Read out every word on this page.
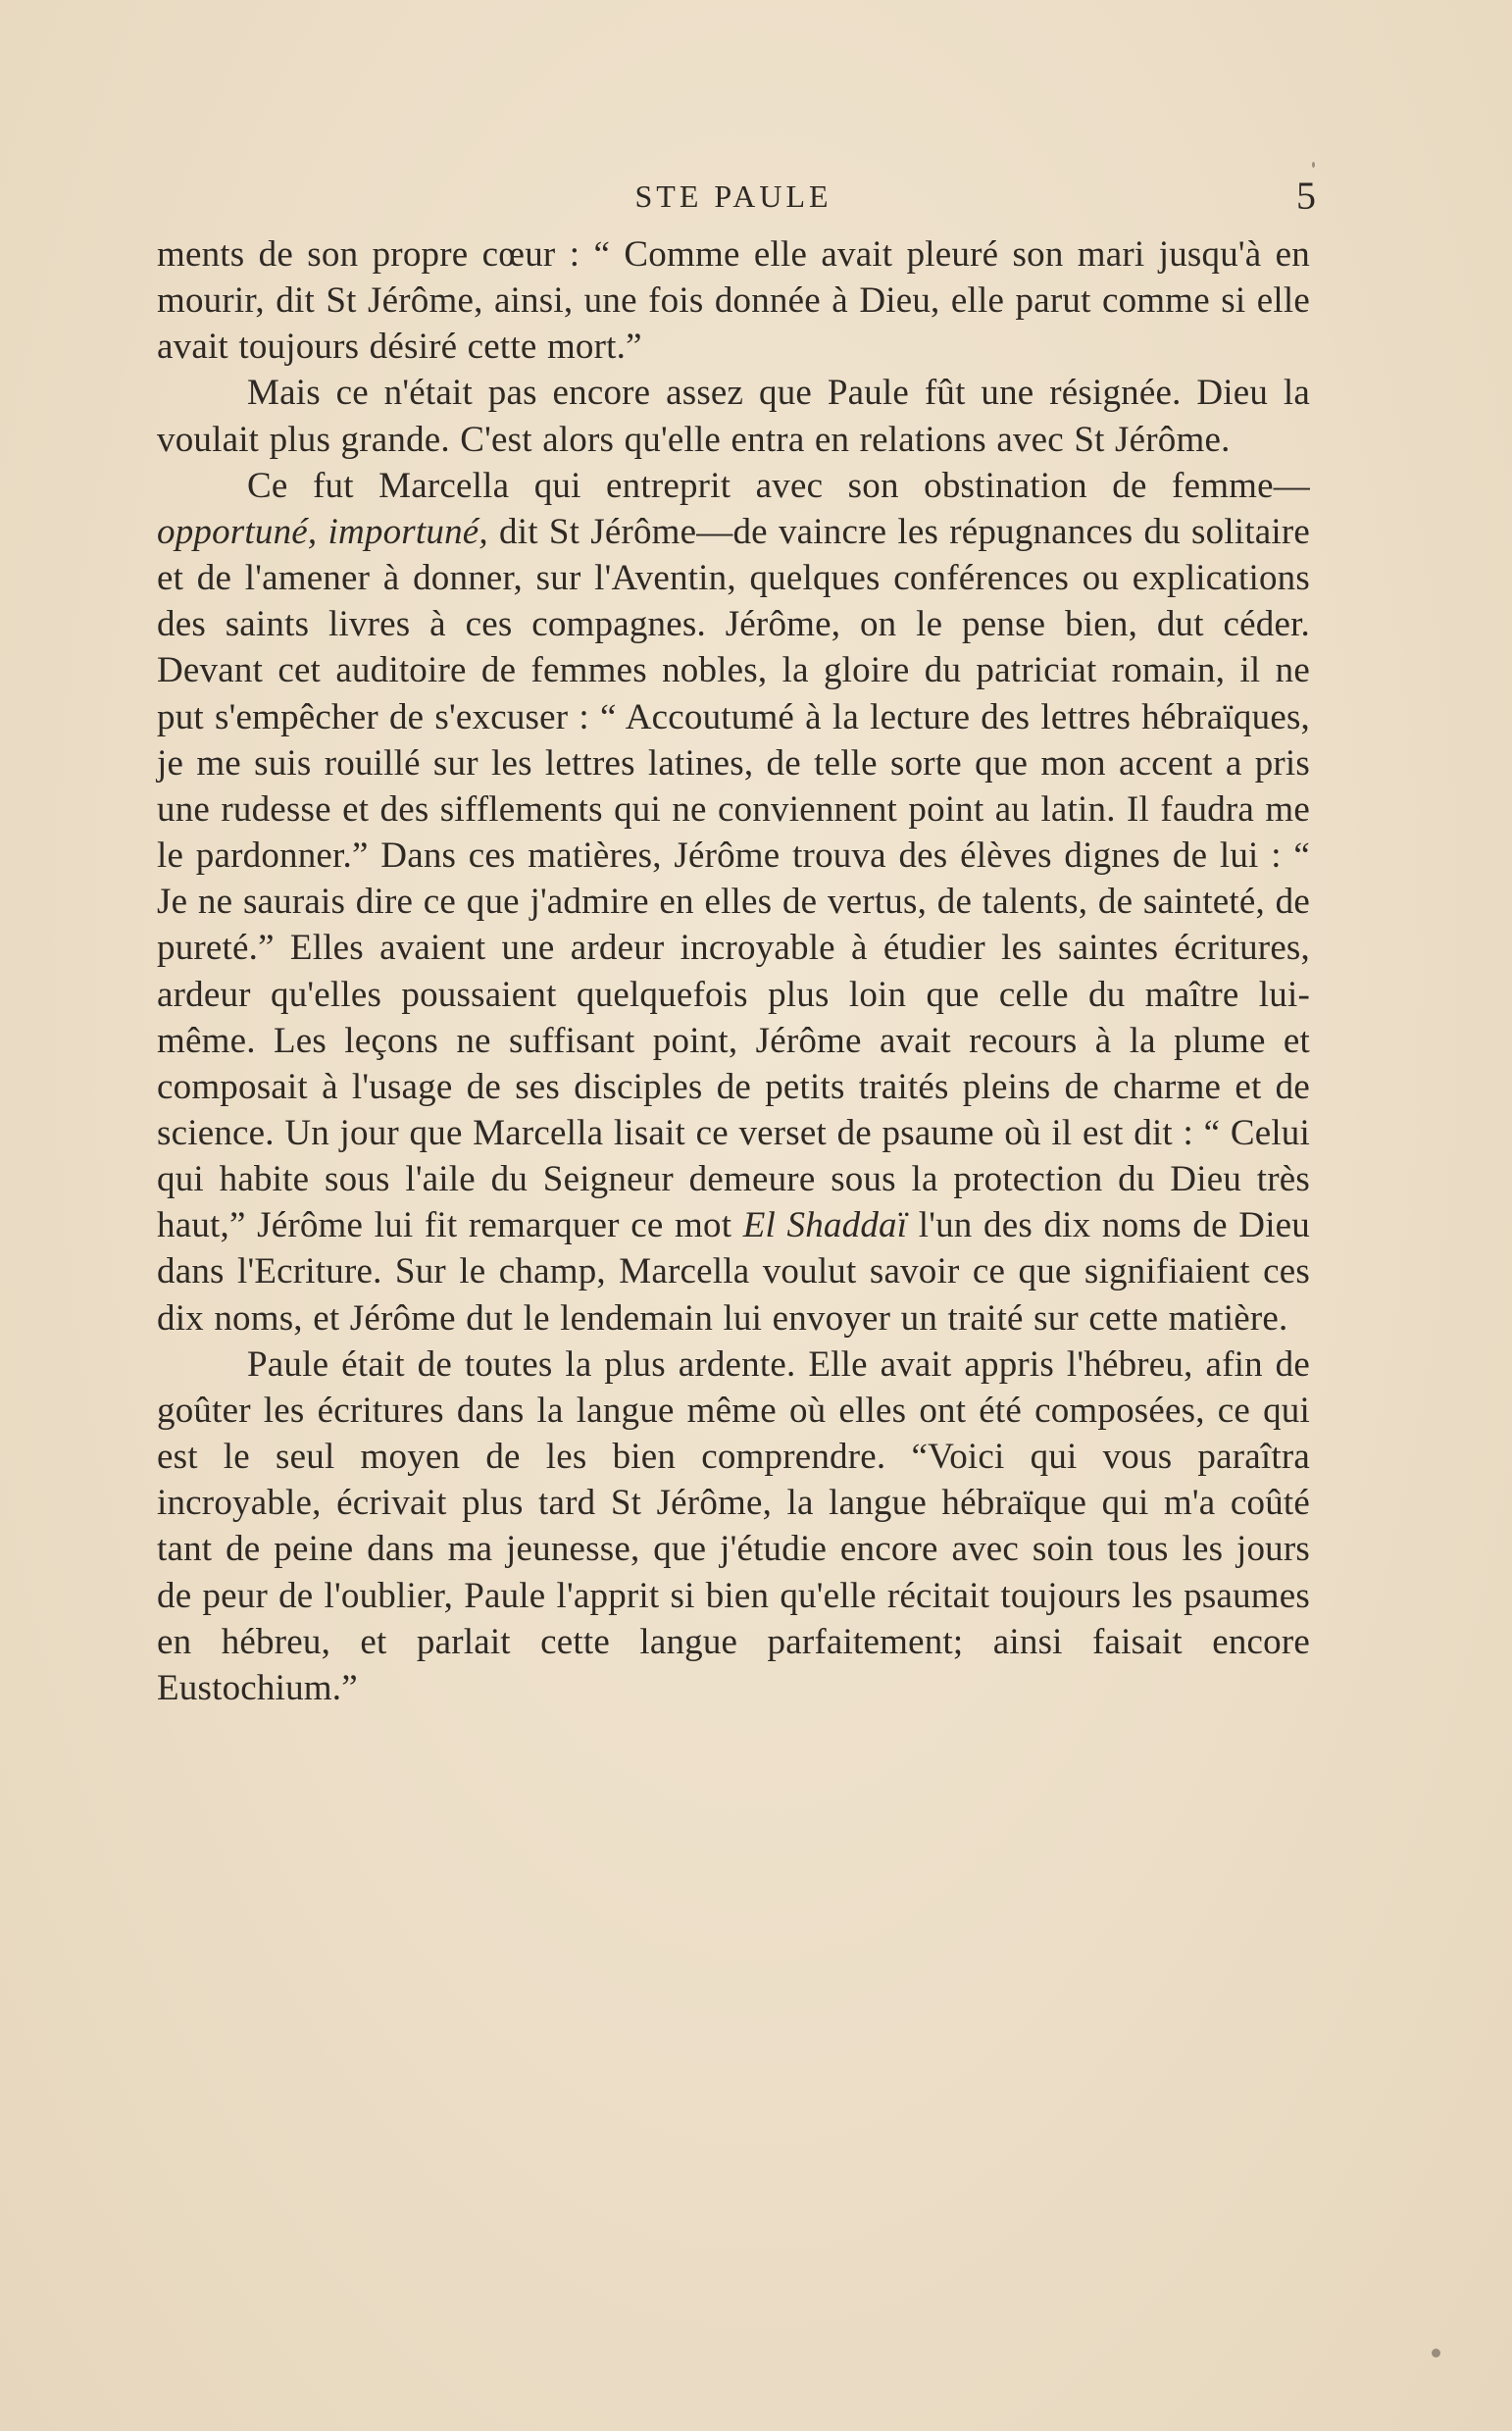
STE PAULE	5

ments de son propre cœur : “ Comme elle avait pleuré son mari jusqu'à en mourir, dit St Jérôme, ainsi, une fois donnée à Dieu, elle parut comme si elle avait toujours désiré cette mort.”

Mais ce n'était pas encore assez que Paule fût une résignée. Dieu la voulait plus grande. C'est alors qu'elle entra en relations avec St Jérôme.

Ce fut Marcella qui entreprit avec son obstination de femme—opportuné, importuné, dit St Jérôme—de vaincre les répugnances du solitaire et de l'amener à donner, sur l'Aventin, quelques conférences ou explications des saints livres à ces compagnes. Jérôme, on le pense bien, dut céder. Devant cet auditoire de femmes nobles, la gloire du patriciat romain, il ne put s'empêcher de s'excuser : “ Accoutumé à la lecture des lettres hébraïques, je me suis rouillé sur les lettres latines, de telle sorte que mon accent a pris une rudesse et des sifflements qui ne conviennent point au latin. Il faudra me le pardonner.” Dans ces matières, Jérôme trouva des élèves dignes de lui : “ Je ne saurais dire ce que j'admire en elles de vertus, de talents, de sainteté, de pureté.” Elles avaient une ardeur incroyable à étudier les saintes écritures, ardeur qu'elles poussaient quelquefois plus loin que celle du maître lui-même. Les leçons ne suffisant point, Jérôme avait recours à la plume et composait à l'usage de ses disciples de petits traités pleins de charme et de science. Un jour que Marcella lisait ce verset de psaume où il est dit : “ Celui qui habite sous l'aile du Seigneur demeure sous la protection du Dieu très haut,” Jérôme lui fit remarquer ce mot El Shaddaï l'un des dix noms de Dieu dans l'Ecriture. Sur le champ, Marcella voulut savoir ce que signifiaient ces dix noms, et Jérôme dut le lendemain lui envoyer un traité sur cette matière.

Paule était de toutes la plus ardente. Elle avait appris l'hébreu, afin de goûter les écritures dans la langue même où elles ont été composées, ce qui est le seul moyen de les bien comprendre. “Voici qui vous paraîtra incroyable, écrivait plus tard St Jérôme, la langue hébraïque qui m'a coûté tant de peine dans ma jeunesse, que j'étudie encore avec soin tous les jours de peur de l'oublier, Paule l'apprit si bien qu'elle récitait toujours les psaumes en hébreu, et parlait cette langue parfaitement; ainsi faisait encore Eustochium.”
